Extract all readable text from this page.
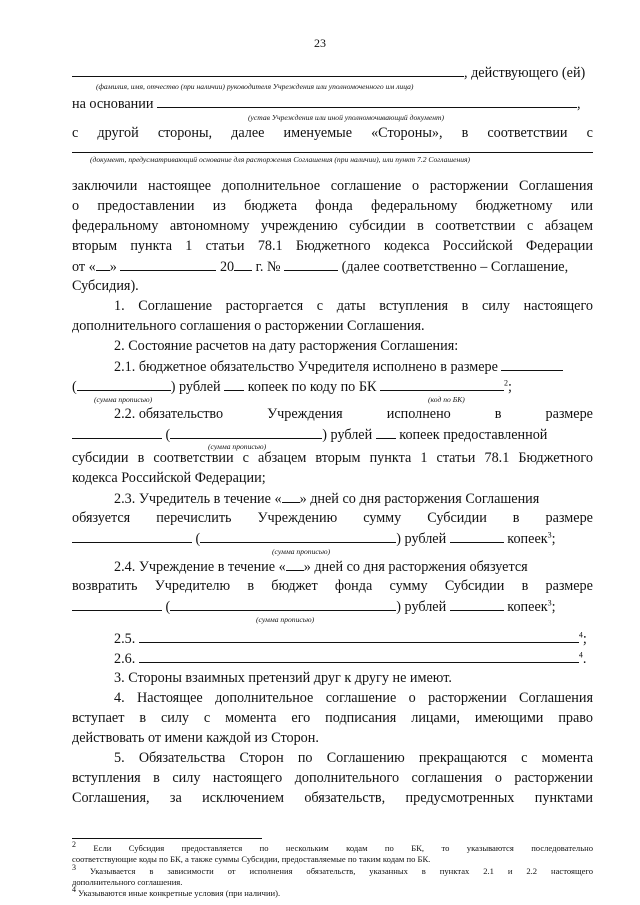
23
, действующего (ей)
(фамилия, имя, отчество (при наличии) руководителя Учреждения или уполномоченного им лица)
на основании	,
(устав Учреждения или иной уполномочивающий документ)
с другой стороны, далее именуемые «Стороны», в соответствии с
(документ, предусматривающий основание для расторжения Соглашения (при наличии), или пункт 7.2 Соглашения)
заключили настоящее дополнительное соглашение о расторжении Соглашения
о предоставлении из бюджета фонда федеральному бюджетному или
федеральному автономному учреждению субсидии в соответствии с абзацем
вторым пункта 1 статьи 78.1 Бюджетного кодекса Российской Федерации
от « »	20 г. №	(далее соответственно – Соглашение,
Субсидия).
1. Соглашение расторгается с даты вступления в силу настоящего
дополнительного соглашения о расторжении Соглашения.
2. Состояние расчетов на дату расторжения Соглашения:
2.1. бюджетное обязательство Учредителя исполнено в размере
(	) рублей копеек по коду по БК	$^2$;
(сумма прописью)	(код по БК)
2.2. обязательство	Учреждения	исполнено	в	размере
(	) рублей копеек предоставленной
(сумма прописью)
субсидии в соответствии с абзацем вторым пункта 1 статьи 78.1 Бюджетного
кодекса Российской Федерации;
2.3. Учредитель в течение « » дней со дня расторжения Соглашения
обязуется перечислить Учреждению сумму Субсидии в размере
(	) рублей	копеек$^3$;
(сумма прописью)
2.4. Учреждение в течение « » дней со дня расторжения обязуется
возвратить Учредителю в бюджет фонда сумму Субсидии в размере
(	) рублей	копеек$^3$;
(сумма прописью)
2.5.	$^4$;
2.6.	$^4$.
3. Стороны взаимных претензий друг к другу не имеют.
4. Настоящее дополнительное соглашение о расторжении Соглашения
вступает в силу с момента его подписания лицами, имеющими право
действовать от имени каждой из Сторон.
5. Обязательства Сторон по Соглашению прекращаются с момента
вступления в силу настоящего дополнительного соглашения о расторжении
Соглашения, за исключением обязательств, предусмотренных пунктами
$^2$ Если Субсидия предоставляется по нескольким кодам по БК, то указываются последовательно
соответствующие коды по БК, а также суммы Субсидии, предоставляемые по таким кодам по БК.
$^3$ Указывается в зависимости от исполнения обязательств, указанных в пунктах 2.1 и 2.2 настоящего
дополнительного соглашения.
$^4$ Указываются иные конкретные условия (при наличии).
